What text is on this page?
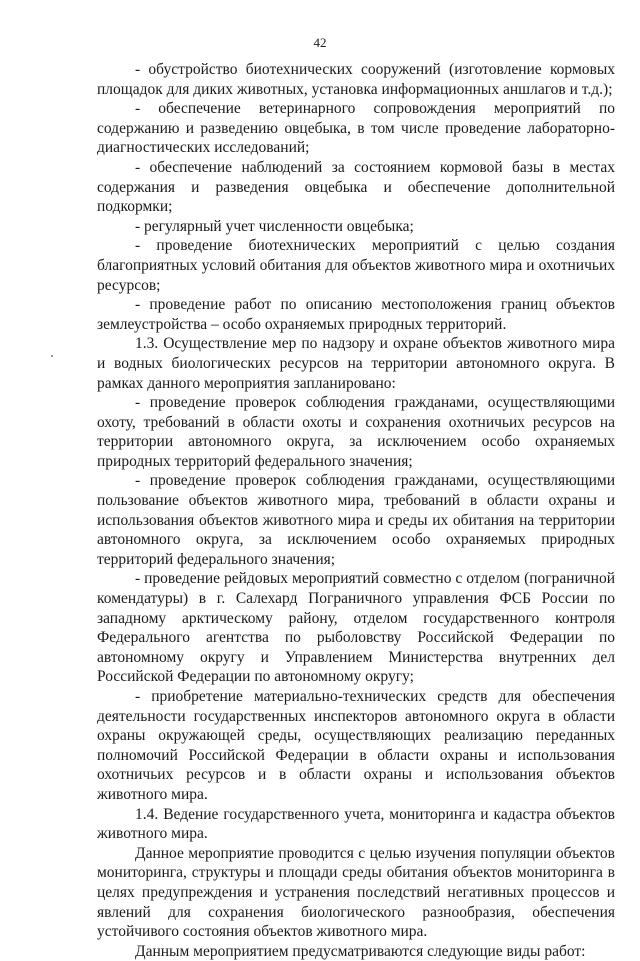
42

- обустройство биотехнических сооружений (изготовление кормовых площадок для диких животных, установка информационных аншлагов и т.д.);

- обеспечение ветеринарного сопровождения мероприятий по содержанию и разведению овцебыка, в том числе проведение лабораторно-диагностических исследований;

- обеспечение наблюдений за состоянием кормовой базы в местах содержания и разведения овцебыка и обеспечение дополнительной подкормки;

- регулярный учет численности овцебыка;

- проведение биотехнических мероприятий с целью создания благоприятных условий обитания для объектов животного мира и охотничьих ресурсов;

- проведение работ по описанию местоположения границ объектов землеустройства – особо охраняемых природных территорий.

1.3. Осуществление мер по надзору и охране объектов животного мира и водных биологических ресурсов на территории автономного округа. В рамках данного мероприятия запланировано:

- проведение проверок соблюдения гражданами, осуществляющими охоту, требований в области охоты и сохранения охотничьих ресурсов на территории автономного округа, за исключением особо охраняемых природных территорий федерального значения;

- проведение проверок соблюдения гражданами, осуществляющими пользование объектов животного мира, требований в области охраны и использования объектов животного мира и среды их обитания на территории автономного округа, за исключением особо охраняемых природных территорий федерального значения;

- проведение рейдовых мероприятий совместно с отделом (пограничной комендатуры) в г. Салехард Пограничного управления ФСБ России по западному арктическому району, отделом государственного контроля Федерального агентства по рыболовству Российской Федерации по автономному округу и Управлением Министерства внутренних дел Российской Федерации по автономному округу;

- приобретение материально-технических средств для обеспечения деятельности государственных инспекторов автономного округа в области охраны окружающей среды, осуществляющих реализацию переданных полномочий Российской Федерации в области охраны и использования охотничьих ресурсов и в области охраны и использования объектов животного мира.

1.4. Ведение государственного учета, мониторинга и кадастра объектов животного мира.

Данное мероприятие проводится с целью изучения популяции объектов мониторинга, структуры и площади среды обитания объектов мониторинга в целях предупреждения и устранения последствий негативных процессов и явлений для сохранения биологического разнообразия, обеспечения устойчивого состояния объектов животного мира.

Данным мероприятием предусматриваются следующие виды работ:
